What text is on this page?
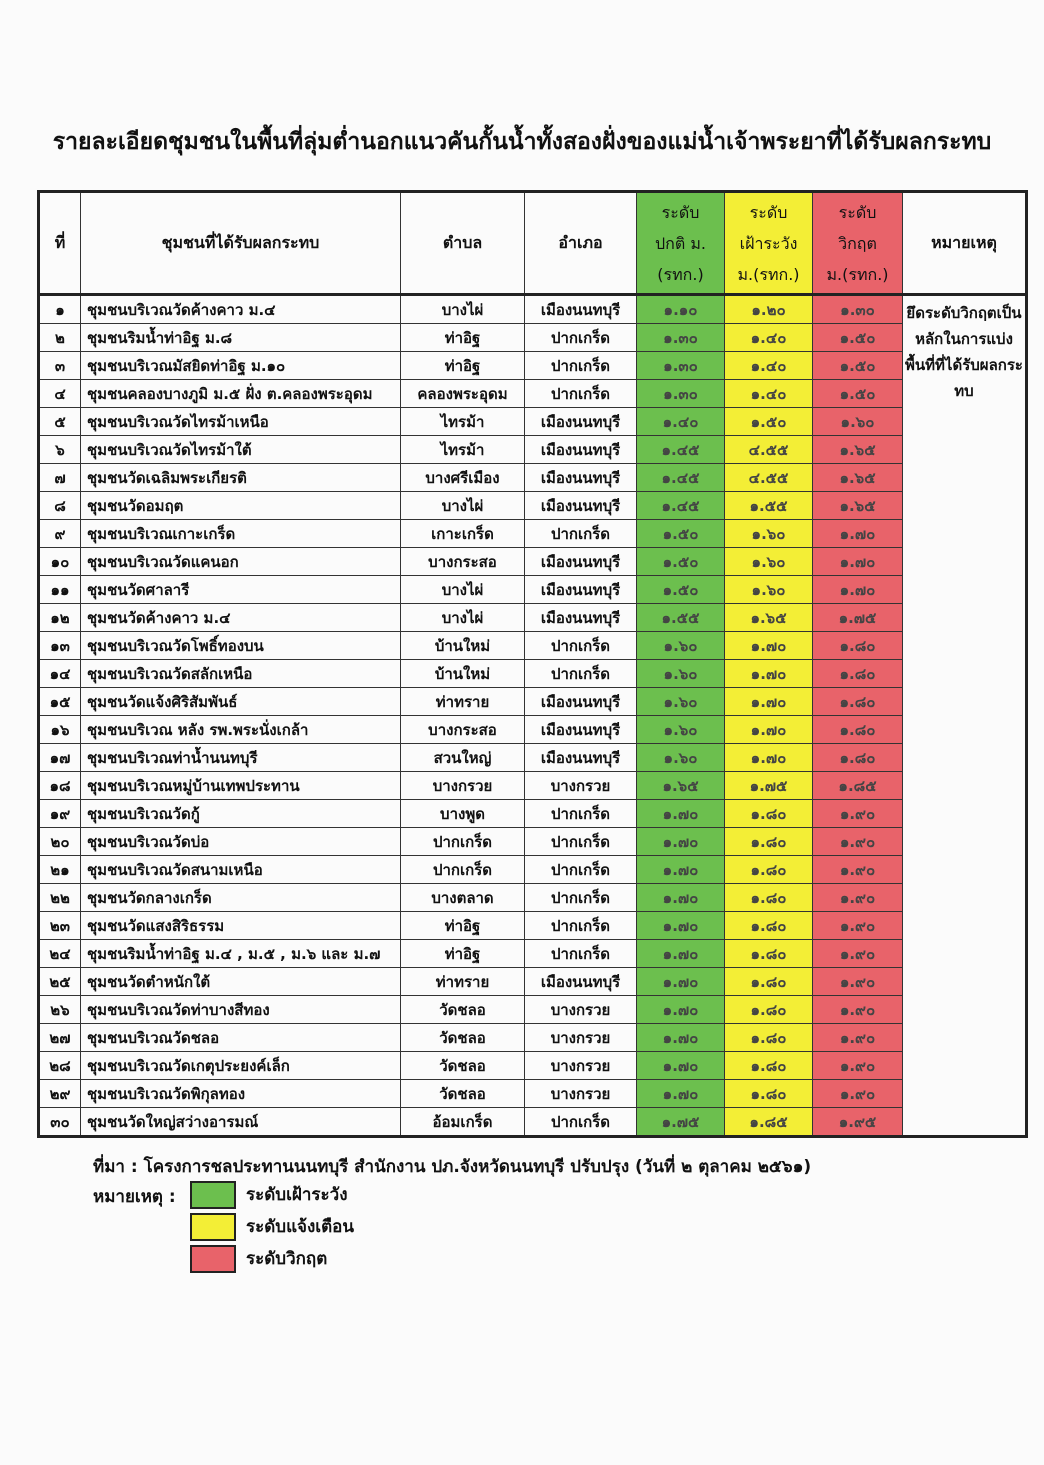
รายละเอียดชุมชนในพื้นที่ลุ่มต่ำนอกแนวคันกั้นน้ำทั้งสองฝั่งของแม่น้ำเจ้าพระยาที่ได้รับผลกระทบ
ที่	ชุมชนที่ได้รับผลกระทบ	ตำบล	อำเภอ	ระดับ
ปกติ ม.
(รทก.)	ระดับ
เฝ้าระวัง
ม.(รทก.)	ระดับ
วิกฤต
ม.(รทก.)	หมายเหตุ
๑	ชุมชนบริเวณวัดค้างคาว ม.๔	บางไผ่	เมืองนนทบุรี	๑.๑๐	๑.๒๐	๑.๓๐	ยึดระดับวิกฤตเป็นหลักในการแบ่งพื้นที่ที่ได้รับผลกระทบ
๒	ชุมชนริมน้ำท่าอิฐ ม.๘	ท่าอิฐ	ปากเกร็ด	๑.๓๐	๑.๔๐	๑.๕๐	
๓	ชุมชนบริเวณมัสยิดท่าอิฐ ม.๑๐	ท่าอิฐ	ปากเกร็ด	๑.๓๐	๑.๔๐	๑.๕๐	
๔	ชุมชนคลองบางภูมิ ม.๕ ฝั่ง ต.คลองพระอุดม	คลองพระอุดม	ปากเกร็ด	๑.๓๐	๑.๔๐	๑.๕๐	
๕	ชุมชนบริเวณวัดไทรม้าเหนือ	ไทรม้า	เมืองนนทบุรี	๑.๔๐	๑.๕๐	๑.๖๐	
๖	ชุมชนบริเวณวัดไทรม้าใต้	ไทรม้า	เมืองนนทบุรี	๑.๔๕	๔.๕๕	๑.๖๕	
๗	ชุมชนวัดเฉลิมพระเกียรติ	บางศรีเมือง	เมืองนนทบุรี	๑.๔๕	๔.๕๕	๑.๖๕	
๘	ชุมชนวัดอมฤต	บางไผ่	เมืองนนทบุรี	๑.๔๕	๑.๕๕	๑.๖๕	
๙	ชุมชนบริเวณเกาะเกร็ด	เกาะเกร็ด	ปากเกร็ด	๑.๕๐	๑.๖๐	๑.๗๐	
๑๐	ชุมชนบริเวณวัดแคนอก	บางกระสอ	เมืองนนทบุรี	๑.๕๐	๑.๖๐	๑.๗๐	
๑๑	ชุมชนวัดศาลารี	บางไผ่	เมืองนนทบุรี	๑.๕๐	๑.๖๐	๑.๗๐	
๑๒	ชุมชนวัดค้างคาว ม.๔	บางไผ่	เมืองนนทบุรี	๑.๕๕	๑.๖๕	๑.๗๕	
๑๓	ชุมชนบริเวณวัดโพธิ์ทองบน	บ้านใหม่	ปากเกร็ด	๑.๖๐	๑.๗๐	๑.๘๐	
๑๔	ชุมชนบริเวณวัดสลักเหนือ	บ้านใหม่	ปากเกร็ด	๑.๖๐	๑.๗๐	๑.๘๐	
๑๕	ชุมชนวัดแจ้งศิริสัมพันธ์	ท่าทราย	เมืองนนทบุรี	๑.๖๐	๑.๗๐	๑.๘๐	
๑๖	ชุมชนบริเวณ หลัง รพ.พระนั่งเกล้า	บางกระสอ	เมืองนนทบุรี	๑.๖๐	๑.๗๐	๑.๘๐	
๑๗	ชุมชนบริเวณท่าน้ำนนทบุรี	สวนใหญ่	เมืองนนทบุรี	๑.๖๐	๑.๗๐	๑.๘๐	
๑๘	ชุมชนบริเวณหมู่บ้านเทพประทาน	บางกรวย	บางกรวย	๑.๖๕	๑.๗๕	๑.๘๕	
๑๙	ชุมชนบริเวณวัดกู้	บางพูด	ปากเกร็ด	๑.๗๐	๑.๘๐	๑.๙๐	
๒๐	ชุมชนบริเวณวัดบ่อ	ปากเกร็ด	ปากเกร็ด	๑.๗๐	๑.๘๐	๑.๙๐	
๒๑	ชุมชนบริเวณวัดสนามเหนือ	ปากเกร็ด	ปากเกร็ด	๑.๗๐	๑.๘๐	๑.๙๐	
๒๒	ชุมชนวัดกลางเกร็ด	บางตลาด	ปากเกร็ด	๑.๗๐	๑.๘๐	๑.๙๐	
๒๓	ชุมชนวัดแสงสิริธรรม	ท่าอิฐ	ปากเกร็ด	๑.๗๐	๑.๘๐	๑.๙๐	
๒๔	ชุมชนริมน้ำท่าอิฐ ม.๔ , ม.๕ , ม.๖ และ ม.๗	ท่าอิฐ	ปากเกร็ด	๑.๗๐	๑.๘๐	๑.๙๐	
๒๕	ชุมชนวัดตำหนักใต้	ท่าทราย	เมืองนนทบุรี	๑.๗๐	๑.๘๐	๑.๙๐	
๒๖	ชุมชนบริเวณวัดท่าบางสีทอง	วัดชลอ	บางกรวย	๑.๗๐	๑.๘๐	๑.๙๐	
๒๗	ชุมชนบริเวณวัดชลอ	วัดชลอ	บางกรวย	๑.๗๐	๑.๘๐	๑.๙๐	
๒๘	ชุมชนบริเวณวัดเกตุประยงค์เล็ก	วัดชลอ	บางกรวย	๑.๗๐	๑.๘๐	๑.๙๐	
๒๙	ชุมชนบริเวณวัดพิกุลทอง	วัดชลอ	บางกรวย	๑.๗๐	๑.๘๐	๑.๙๐	
๓๐	ชุมชนวัดใหญ่สว่างอารมณ์	อ้อมเกร็ด	ปากเกร็ด	๑.๗๕	๑.๘๕	๑.๙๕	
ที่มา : โครงการชลประทานนนทบุรี สำนักงาน ปภ.จังหวัดนนทบุรี ปรับปรุง (วันที่ ๒ ตุลาคม ๒๕๖๑)
หมายเหตุ :	ระดับเฝ้าระวัง
ระดับแจ้งเตือน
ระดับวิกฤต
